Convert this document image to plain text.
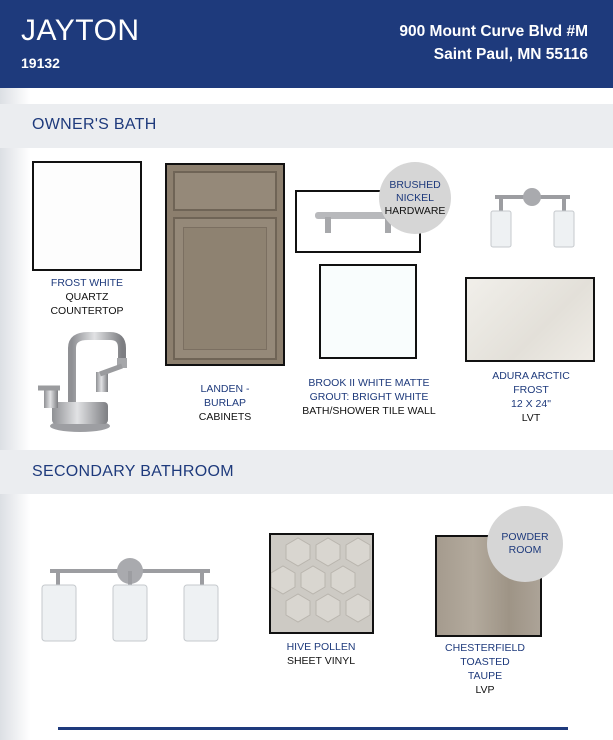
JAYTON
19132
900 Mount Curve Blvd #M
Saint Paul, MN 55116
OWNER'S BATH
FROST WHITE
QUARTZ
COUNTERTOP
LANDEN -
BURLAP
CABINETS
BRUSHED
NICKEL
HARDWARE
BROOK II WHITE MATTE
GROUT: BRIGHT WHITE
BATH/SHOWER TILE WALL
ADURA ARCTIC
FROST
12 X 24"
LVT
SECONDARY BATHROOM
HIVE POLLEN
SHEET VINYL
POWDER
ROOM
CHESTERFIELD
TOASTED
TAUPE
LVP
